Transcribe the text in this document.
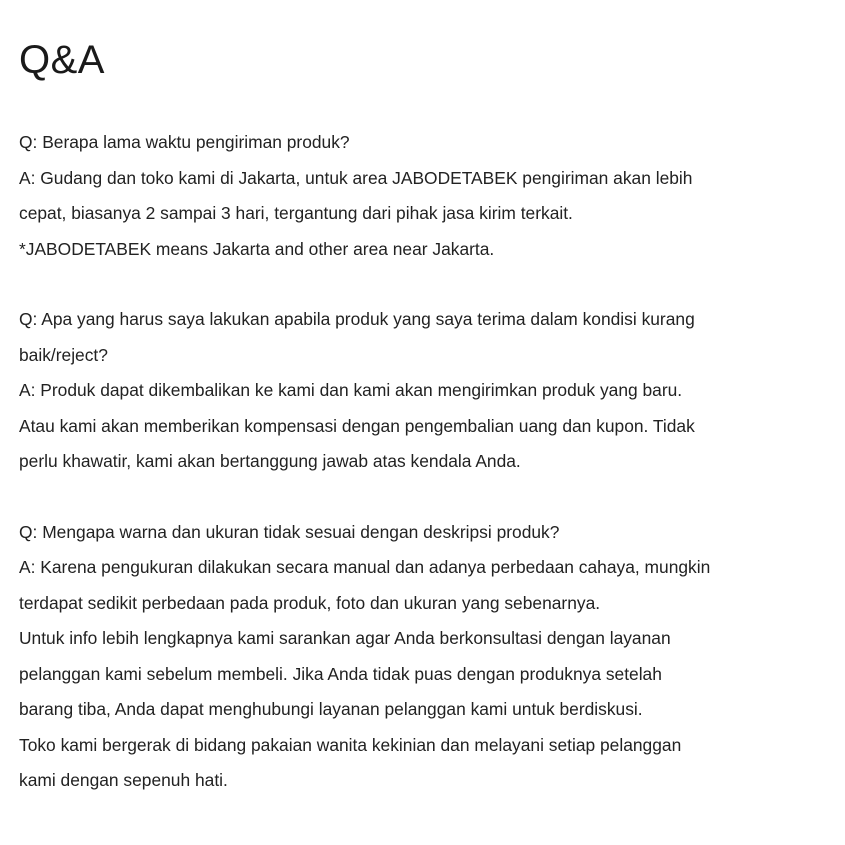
Q&A

Q: Berapa lama waktu pengiriman produk?

A: Gudang dan toko kami di Jakarta, untuk area JABODETABEK pengiriman akan lebih

cepat, biasanya 2 sampai 3 hari, tergantung dari pihak jasa kirim terkait.

*JABODETABEK means Jakarta and other area near Jakarta.

Q: Apa yang harus saya lakukan apabila produk yang saya terima dalam kondisi kurang

baik/reject?

A: Produk dapat dikembalikan ke kami dan kami akan mengirimkan produk yang baru.

Atau kami akan memberikan kompensasi dengan pengembalian uang dan kupon. Tidak

perlu khawatir, kami akan bertanggung jawab atas kendala Anda.

Q: Mengapa warna dan ukuran tidak sesuai dengan deskripsi produk?

A: Karena pengukuran dilakukan secara manual dan adanya perbedaan cahaya, mungkin

terdapat sedikit perbedaan pada produk, foto dan ukuran yang sebenarnya.

Untuk info lebih lengkapnya kami sarankan agar Anda berkonsultasi dengan layanan

pelanggan kami sebelum membeli. Jika Anda tidak puas dengan produknya setelah

barang tiba, Anda dapat menghubungi layanan pelanggan kami untuk berdiskusi.

Toko kami bergerak di bidang pakaian wanita kekinian dan melayani setiap pelanggan

kami dengan sepenuh hati.
